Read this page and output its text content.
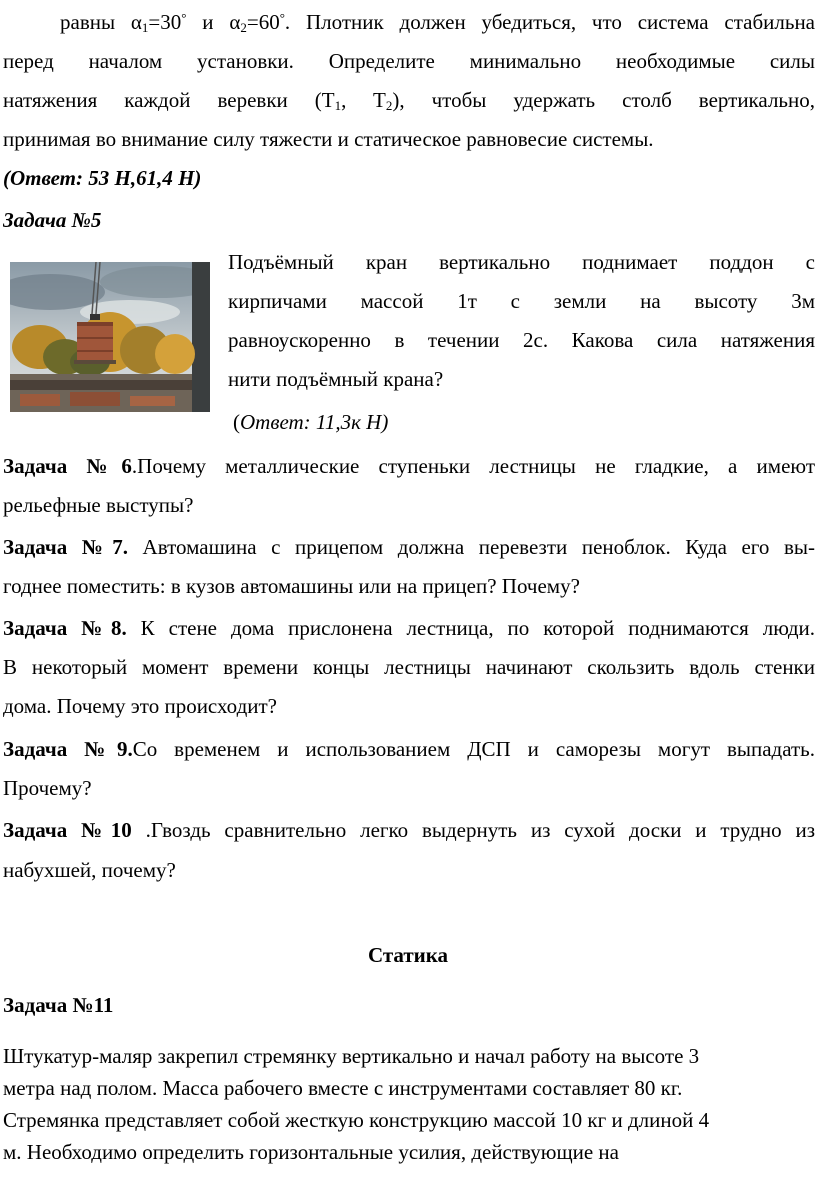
равны $\alpha_1=30^\circ$ и $\alpha_2=60^\circ$. Плотник должен убедиться, что система стабильна
перед началом установки. Определите минимально необходимые силы
натяжения каждой веревки ($T_1$, $T_2$), чтобы удержать столб вертикально,
принимая во внимание силу тяжести и статическое равновесие системы.
(Ответ: 53 Н,61,4 Н)
Задача №5
Подъёмный кран вертикально поднимает поддон с
кирпичами массой 1т с земли на высоту 3м
равноускоренно в течении 2с. Какова сила натяжения
нити подъёмный крана?
(Ответ: 11,3к Н)
Задача №6.Почему металлические ступеньки лестницы не гладкие, а имеют
рельефные выступы?
Задача №7. Автомашина с прицепом должна перевезти пеноблок. Куда его вы-
годнее поместить: в кузов автомашины или на прицеп? Почему?
Задача №8. К стене дома прислонена лестница, по которой поднимаются люди.
В некоторый момент времени концы лестницы начинают скользить вдоль стенки
дома. Почему это происходит?
Задача №9.Со временем и использованием ДСП и саморезы могут выпадать.
Прочему?
Задача №10 .Гвоздь сравнительно легко выдернуть из сухой доски и трудно из
набухшей, почему?
Статика
Задача №11
Штукатур-маляр закрепил стремянку вертикально и начал работу на высоте 3
метра над полом. Масса рабочего вместе с инструментами составляет 80 кг.
Стремянка представляет собой жесткую конструкцию массой 10 кг и длиной 4
м. Необходимо определить горизонтальные усилия, действующие на
